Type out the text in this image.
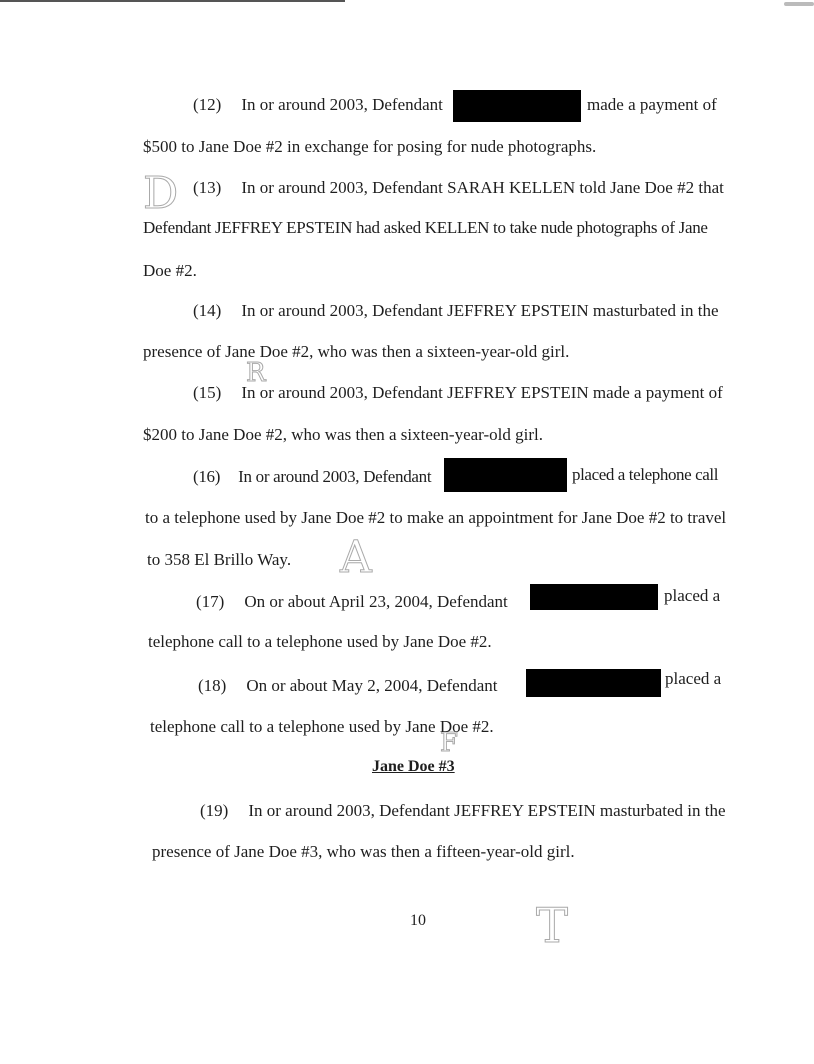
D
R
A
F
T
(12) In or around 2003, Defendant	made a payment of
$500 to Jane Doe #2 in exchange for posing for nude photographs.
(13) In or around 2003, Defendant SARAH KELLEN told Jane Doe #2 that
Defendant JEFFREY EPSTEIN had asked KELLEN to take nude photographs of Jane
Doe #2.
(14) In or around 2003, Defendant JEFFREY EPSTEIN masturbated in the
presence of Jane Doe #2, who was then a sixteen-year-old girl.
(15) In or around 2003, Defendant JEFFREY EPSTEIN made a payment of
$200 to Jane Doe #2, who was then a sixteen-year-old girl.
(16) In or around 2003, Defendant	placed a telephone call
to a telephone used by Jane Doe #2 to make an appointment for Jane Doe #2 to travel
to 358 El Brillo Way.
(17) On or about April 23, 2004, Defendant	placed a
telephone call to a telephone used by Jane Doe #2.
(18) On or about May 2, 2004, Defendant	placed a
telephone call to a telephone used by Jane Doe #2.
Jane Doe #3
(19) In or around 2003, Defendant JEFFREY EPSTEIN masturbated in the
presence of Jane Doe #3, who was then a fifteen-year-old girl.
10
